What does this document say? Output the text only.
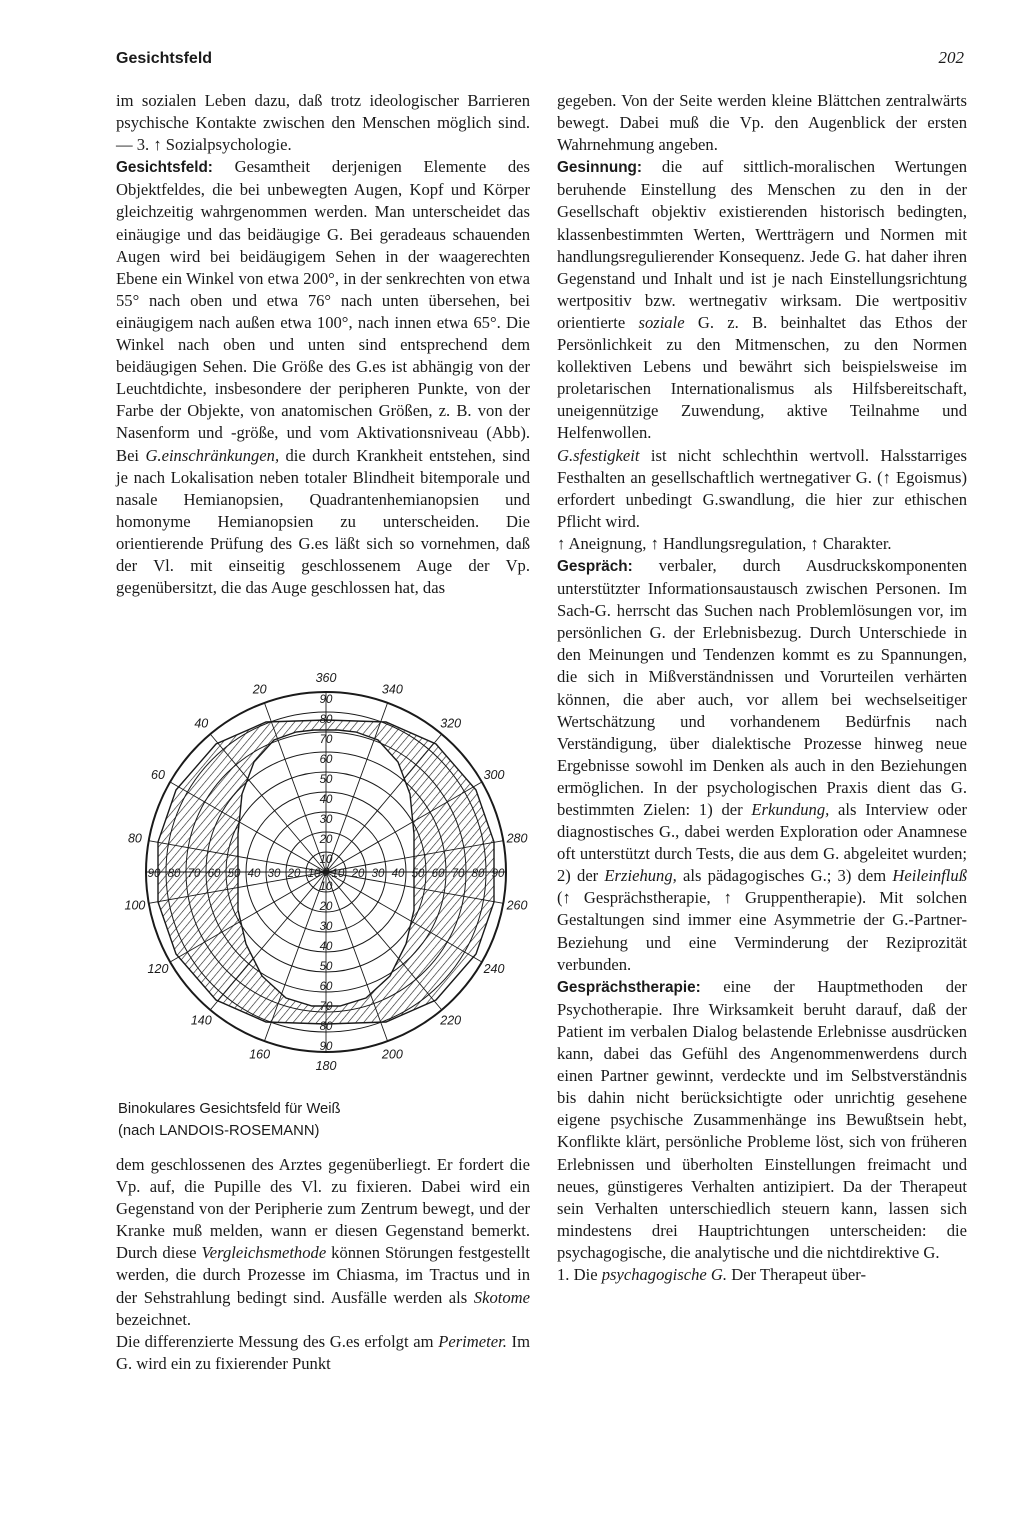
Gesichtsfeld	202

im sozialen Leben dazu, daß trotz ideologischer Barrieren psychische Kontakte zwischen den Menschen möglich sind. — 3. ↑ Sozialpsychologie.

Gesichtsfeld: Gesamtheit derjenigen Elemente des Objektfeldes, die bei unbewegten Augen, Kopf und Körper gleichzeitig wahrgenommen werden. Man unterscheidet das einäugige und das beidäugige G. Bei geradeaus schauenden Augen wird bei beidäugigem Sehen in der waagerechten Ebene ein Winkel von etwa 200°, in der senkrechten von etwa 55° nach oben und etwa 76° nach unten übersehen, bei einäugigem nach außen etwa 100°, nach innen etwa 65°. Die Winkel nach oben und unten sind entsprechend dem beidäugigen Sehen. Die Größe des G.es ist abhängig von der Leuchtdichte, insbesondere der peripheren Punkte, von der Farbe der Objekte, von anatomischen Größen, z. B. von der Nasenform und -größe, und vom Aktivationsniveau (Abb). Bei G.einschränkungen, die durch Krankheit entstehen, sind je nach Lokalisation neben totaler Blindheit bitemporale und nasale Hemianopsien, Quadrantenhemianopsien und homonyme Hemianopsien zu unterscheiden. Die orientierende Prüfung des G.es läßt sich so vornehmen, daß der Vl. mit einseitig geschlossenem Auge der Vp. gegenübersitzt, die das Auge geschlossen hat, das

360
20	340
40	320
60	300
80	280
100	260
120	240
140	220
160	200
180
90
80
70
60
50
40
30
20
10
10
20
30
40
50
60
70
80
90
90 80 70 60 50 40 30 20 10 10 20 30 40 50 60 70 80 90
0
Binokulares Gesichtsfeld für Weiß
(nach LANDOIS-ROSEMANN)

dem geschlossenen des Arztes gegenüberliegt. Er fordert die Vp. auf, die Pupille des Vl. zu fixieren. Dabei wird ein Gegenstand von der Peripherie zum Zentrum bewegt, und der Kranke muß melden, wann er diesen Gegenstand bemerkt. Durch diese Vergleichsmethode können Störungen festgestellt werden, die durch Prozesse im Chiasma, im Tractus und in der Sehstrahlung bedingt sind. Ausfälle werden als Skotome bezeichnet.

Die differenzierte Messung des G.es erfolgt am Perimeter. Im G. wird ein zu fixierender Punkt

gegeben. Von der Seite werden kleine Blättchen zentralwärts bewegt. Dabei muß die Vp. den Augenblick der ersten Wahrnehmung angeben.

Gesinnung: die auf sittlich-moralischen Wertungen beruhende Einstellung des Menschen zu den in der Gesellschaft objektiv existierenden historisch bedingten, klassenbestimmten Werten, Wertträgern und Normen mit handlungsregulierender Konsequenz. Jede G. hat daher ihren Gegenstand und Inhalt und ist je nach Einstellungsrichtung wertpositiv bzw. wertnegativ wirksam. Die wertpositiv orientierte soziale G. z. B. beinhaltet das Ethos der Persönlichkeit zu den Mitmenschen, zu den Normen kollektiven Lebens und bewährt sich beispielsweise im proletarischen Internationalismus als Hilfsbereitschaft, uneigennützige Zuwendung, aktive Teilnahme und Helfenwollen.

G.sfestigkeit ist nicht schlechthin wertvoll. Halsstarriges Festhalten an gesellschaftlich wertnegativer G. (↑ Egoismus) erfordert unbedingt G.swandlung, die hier zur ethischen Pflicht wird.

↑ Aneignung, ↑ Handlungsregulation, ↑ Charakter.

Gespräch: verbaler, durch Ausdruckskomponenten unterstützter Informationsaustausch zwischen Personen. Im Sach-G. herrscht das Suchen nach Problemlösungen vor, im persönlichen G. der Erlebnisbezug. Durch Unterschiede in den Meinungen und Tendenzen kommt es zu Spannungen, die sich in Mißverständnissen und Vorurteilen verhärten können, die aber auch, vor allem bei wechselseitiger Wertschätzung und vorhandenem Bedürfnis nach Verständigung, über dialektische Prozesse hinweg neue Ergebnisse sowohl im Denken als auch in den Beziehungen ermöglichen. In der psychologischen Praxis dient das G. bestimmten Zielen: 1) der Erkundung, als Interview oder diagnostisches G., dabei werden Exploration oder Anamnese oft unterstützt durch Tests, die aus dem G. abgeleitet wurden; 2) der Erziehung, als pädagogisches G.; 3) dem Heileinfluß (↑ Gesprächstherapie, ↑ Gruppentherapie). Mit solchen Gestaltungen sind immer eine Asymmetrie der G.-Partner-Beziehung und eine Verminderung der Reziprozität verbunden.

Gesprächstherapie: eine der Hauptmethoden der Psychotherapie. Ihre Wirksamkeit beruht darauf, daß der Patient im verbalen Dialog belastende Erlebnisse ausdrücken kann, dabei das Gefühl des Angenommenwerdens durch einen Partner gewinnt, verdeckte und im Selbstverständnis bis dahin nicht berücksichtigte oder unrichtig gesehene eigene psychische Zusammenhänge ins Bewußtsein hebt, Konflikte klärt, persönliche Probleme löst, sich von früheren Erlebnissen und überholten Einstellungen freimacht und neues, günstigeres Verhalten antizipiert. Da der Therapeut sein Verhalten unterschiedlich steuern kann, lassen sich mindestens drei Hauptrichtungen unterscheiden: die psychagogische, die analytische und die nichtdirektive G.

1. Die psychagogische G. Der Therapeut über-
